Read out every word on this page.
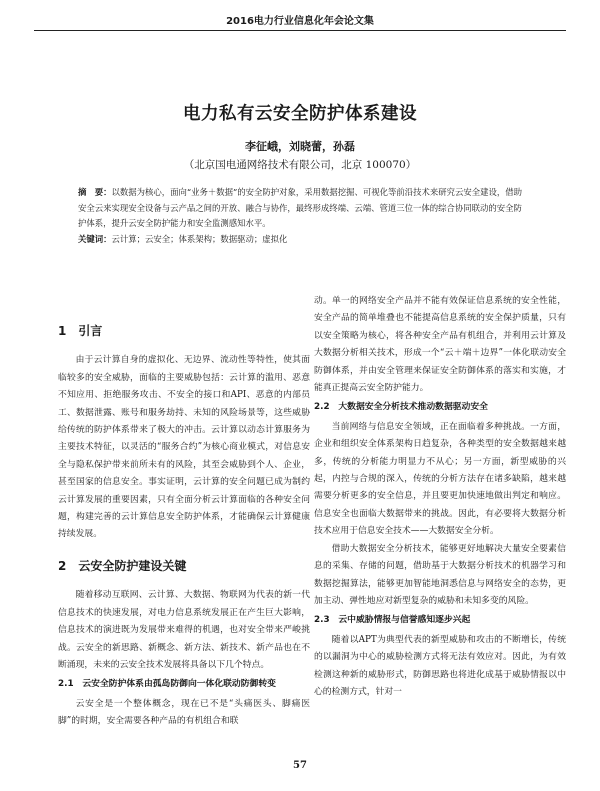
2016电力行业信息化年会论文集
电力私有云安全防护体系建设
李征峨，刘晓蕾，孙磊
（北京国电通网络技术有限公司，北京 100070）
摘　要：以数据为核心，面向“业务＋数据”的安全防护对象，采用数据挖掘、可视化等前沿技术来研究云安全建设，借助安全云来实现安全设备与云产品之间的开放、融合与协作，最终形成终端、云端、管道三位一体的综合协同联动的安全防护体系，提升云安全防护能力和安全监测感知水平。
关键词：云计算；云安全；体系架构；数据驱动；虚拟化
1　引言

由于云计算自身的虚拟化、无边界、流动性等特性，使其面临较多的安全威胁，面临的主要威胁包括：云计算的滥用、恶意不知应用、拒绝服务攻击、不安全的接口和API、恶意的内部员工、数据泄露、账号和服务劫持、未知的风险场景等，这些威胁给传统的防护体系带来了极大的冲击。云计算以动态计算服务为主要技术特征，以灵活的“服务合约”为核心商业模式，对信息安全与隐私保护带来前所未有的风险，其至会威胁到个人、企业，甚至国家的信息安全。事实证明，云计算的安全问题已成为制约云计算发展的重要因素，只有全面分析云计算面临的各种安全问题，构建完善的云计算信息安全防护体系，才能确保云计算健康持续发展。

2　云安全防护建设关键

随着移动互联网、云计算、大数据、物联网为代表的新一代信息技术的快速发展，对电力信息系统发展正在产生巨大影响，信息技术的演进既为发展带来难得的机遇，也对安全带来严峻挑战。云安全的新思路、新概念、新方法、新技术、新产品也在不断涌现，未来的云安全技术发展将具备以下几个特点。

2.1　云安全防护体系由孤岛防御向一体化联动防御转变

云安全是一个整体概念，现在已不是“头痛医头、脚痛医脚”的时期，安全需要各种产品的有机组合和联

动。单一的网络安全产品并不能有效保证信息系统的安全性能，安全产品的简单堆叠也不能提高信息系统的安全保护质量，只有以安全策略为核心，将各种安全产品有机组合，并利用云计算及大数据分析相关技术，形成一个“云＋端＋边界”一体化联动安全防御体系，并由安全管理来保证安全防御体系的落实和实施，才能真正提高云安全防护能力。

2.2　大数据安全分析技术推动数据驱动安全

当前网络与信息安全领域，正在面临着多种挑战。一方面，企业和组织安全体系架构日趋复杂，各种类型的安全数据越来越多，传统的分析能力明显力不从心；另一方面，新型威胁的兴起，内控与合规的深入，传统的分析方法存在诸多缺陷，越来越需要分析更多的安全信息，并且要更加快速地做出判定和响应。信息安全也面临大数据带来的挑战。因此，有必要将大数据分析技术应用于信息安全技术——大数据安全分析。

借助大数据安全分析技术，能够更好地解决大量安全要素信息的采集、存储的问题，借助基于大数据分析技术的机器学习和数据挖掘算法，能够更加智能地洞悉信息与网络安全的态势，更加主动、弹性地应对新型复杂的威胁和未知多变的风险。

2.3　云中威胁情报与信誉感知逐步兴起

随着以APT为典型代表的新型威胁和攻击的不断增长，传统的以漏洞为中心的威胁检测方式将无法有效应对。因此，为有效检测这种新的威胁形式，防御思路也将进化成基于威胁情报以中心的检测方式，针对一

57
